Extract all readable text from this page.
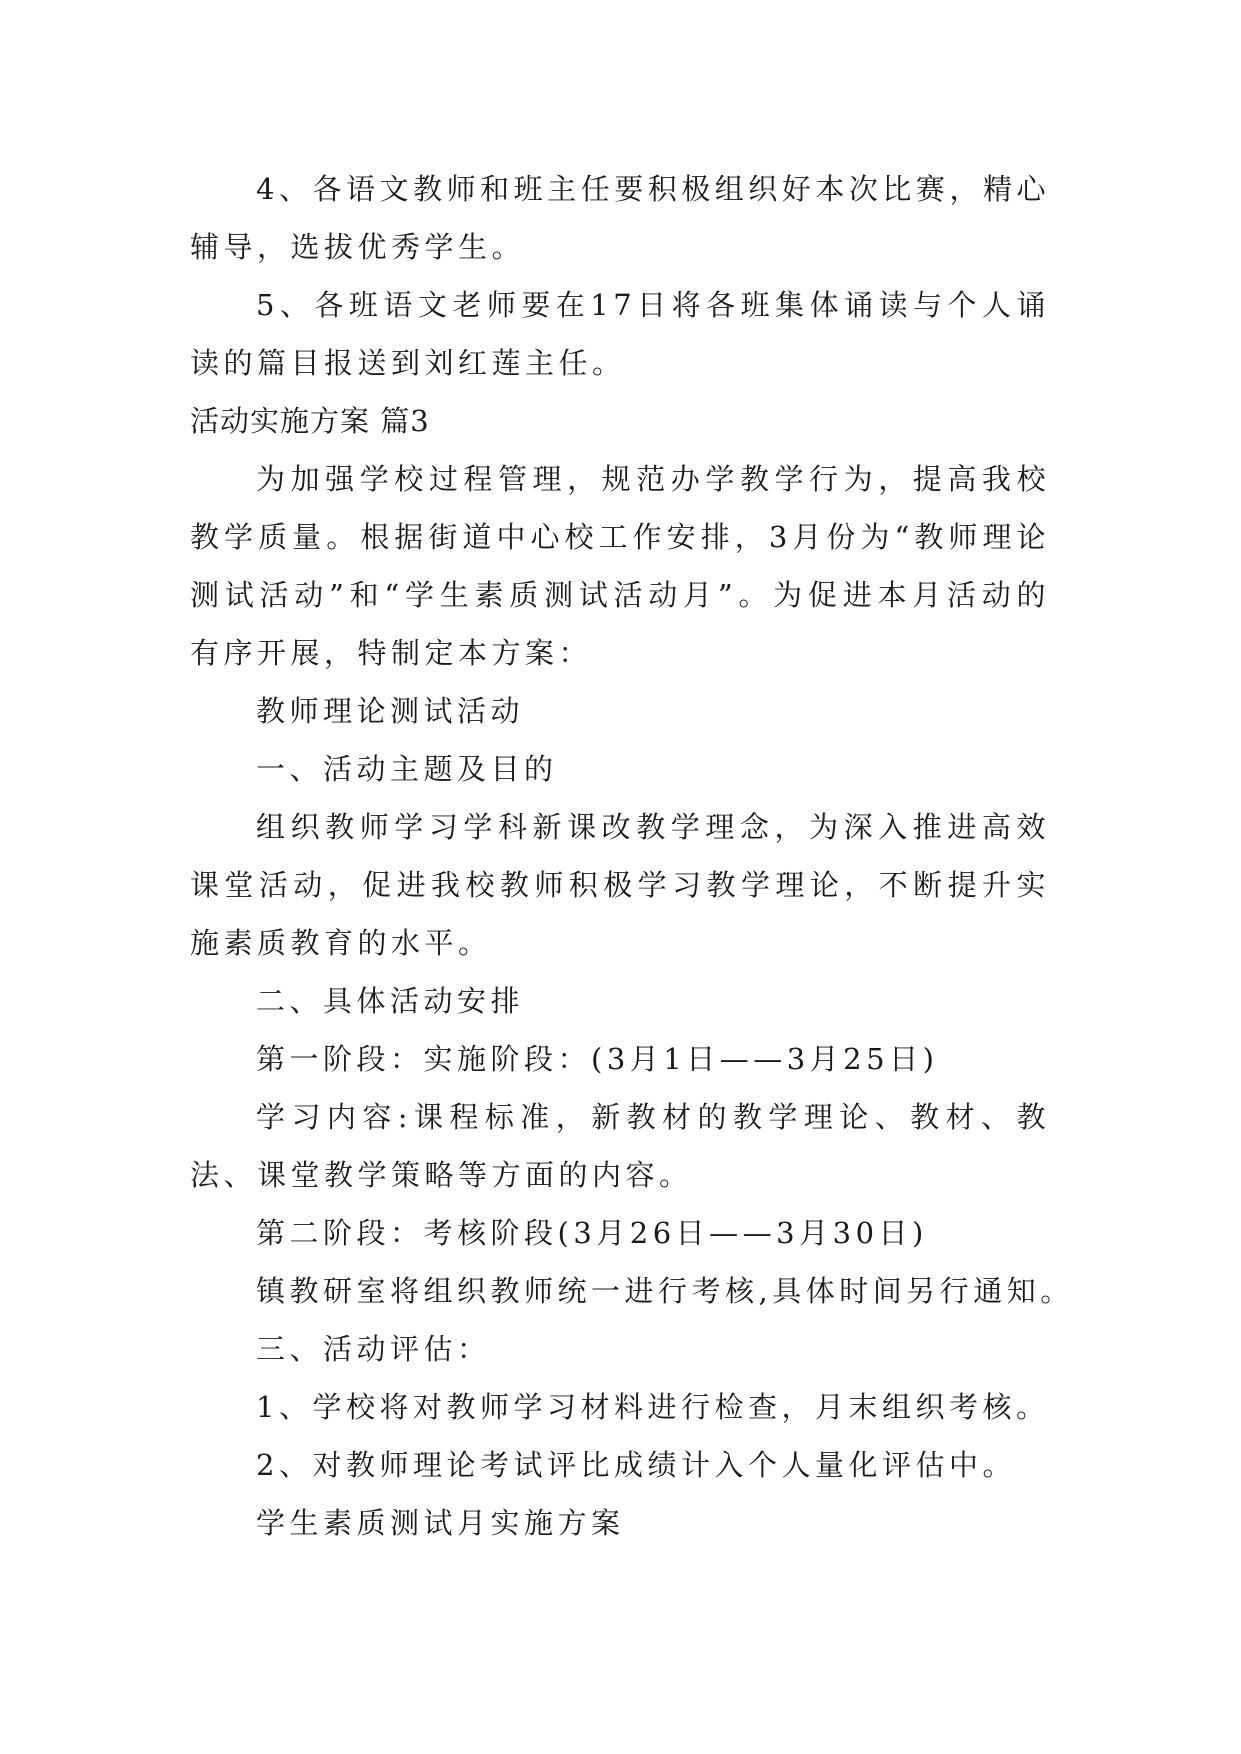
4、各语文教师和班主任要积极组织好本次比赛，精心辅导，选拔优秀学生。

5、各班语文老师要在17日将各班集体诵读与个人诵读的篇目报送到刘红莲主任。

活动实施方案 篇3

为加强学校过程管理，规范办学教学行为，提高我校教学质量。根据街道中心校工作安排，3月份为“教师理论测试活动”和“学生素质测试活动月”。为促进本月活动的有序开展，特制定本方案：

教师理论测试活动

一、活动主题及目的

组织教师学习学科新课改教学理念，为深入推进高效课堂活动，促进我校教师积极学习教学理论，不断提升实施素质教育的水平。

二、具体活动安排

第一阶段：实施阶段：(3月1日——3月25日)

学习内容:课程标准，新教材的教学理论、教材、教法、课堂教学策略等方面的内容。

第二阶段：考核阶段(3月26日——3月30日)

镇教研室将组织教师统一进行考核,具体时间另行通知。

三、活动评估：

1、学校将对教师学习材料进行检查，月末组织考核。

2、对教师理论考试评比成绩计入个人量化评估中。

学生素质测试月实施方案
